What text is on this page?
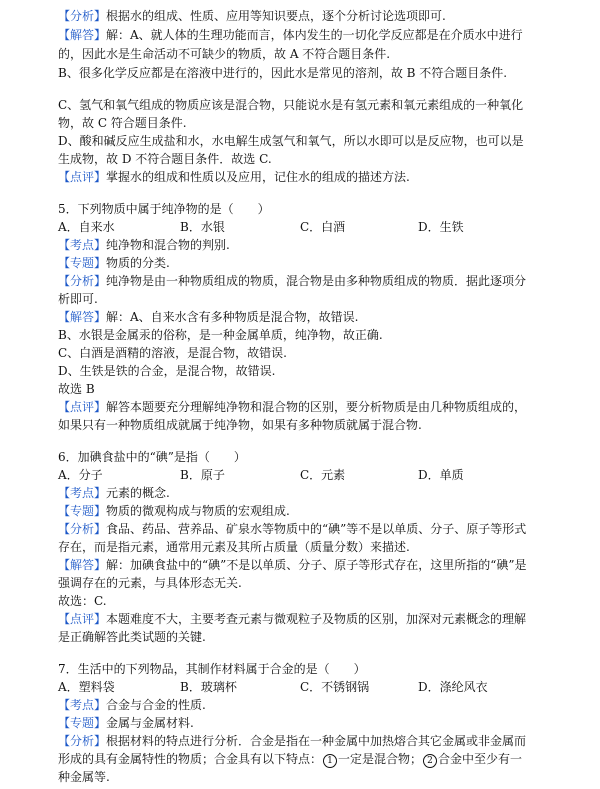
【分析】根据水的组成、性质、应用等知识要点，逐个分析讨论选项即可.
【解答】解：A、就人体的生理功能而言，体内发生的一切化学反应都是在介质水中进行
的，因此水是生命活动不可缺少的物质，故 A 不符合题目条件.
B、很多化学反应都是在溶液中进行的，因此水是常见的溶剂，故 B 不符合题目条件.
C、氢气和氧气组成的物质应该是混合物，只能说水是有氢元素和氧元素组成的一种氧化
物，故 C 符合题目条件.
D、酸和碱反应生成盐和水，水电解生成氢气和氧气，所以水即可以是反应物，也可以是
生成物，故 D 不符合题目条件．故选 C.
【点评】掌握水的组成和性质以及应用，记住水的组成的描述方法.
5．下列物质中属于纯净物的是（　　）
A．自来水	B．水银	C．白酒	D．生铁
【考点】纯净物和混合物的判别.
【专题】物质的分类.
【分析】纯净物是由一种物质组成的物质，混合物是由多种物质组成的物质．据此逐项分
析即可.
【解答】解：A、自来水含有多种物质是混合物，故错误.
B、水银是金属汞的俗称，是一种金属单质，纯净物，故正确.
C、白酒是酒精的溶液，是混合物，故错误.
D、生铁是铁的合金，是混合物，故错误.
故选 B
【点评】解答本题要充分理解纯净物和混合物的区别，要分析物质是由几种物质组成的，
如果只有一种物质组成就属于纯净物，如果有多种物质就属于混合物.
6．加碘食盐中的“碘”是指（　　）
A．分子	B．原子	C．元素	D．单质
【考点】元素的概念.
【专题】物质的微观构成与物质的宏观组成.
【分析】食品、药品、营养品、矿泉水等物质中的“碘”等不是以单质、分子、原子等形式
存在，而是指元素，通常用元素及其所占质量（质量分数）来描述.
【解答】解：加碘食盐中的“碘”不是以单质、分子、原子等形式存在，这里所指的“碘”是
强调存在的元素，与具体形态无关.
故选：C.
【点评】本题难度不大，主要考查元素与微观粒子及物质的区别，加深对元素概念的理解
是正确解答此类试题的关键.
7．生活中的下列物品，其制作材料属于合金的是（　　）
A．塑料袋	B．玻璃杯	C．不锈钢锅	D．涤纶风衣
【考点】合金与合金的性质.
【专题】金属与金属材料.
【分析】根据材料的特点进行分析．合金是指在一种金属中加热熔合其它金属或非金属而
形成的具有金属特性的物质；合金具有以下特点： 1 一定是混合物； 2 合金中至少有一
种金属等.
